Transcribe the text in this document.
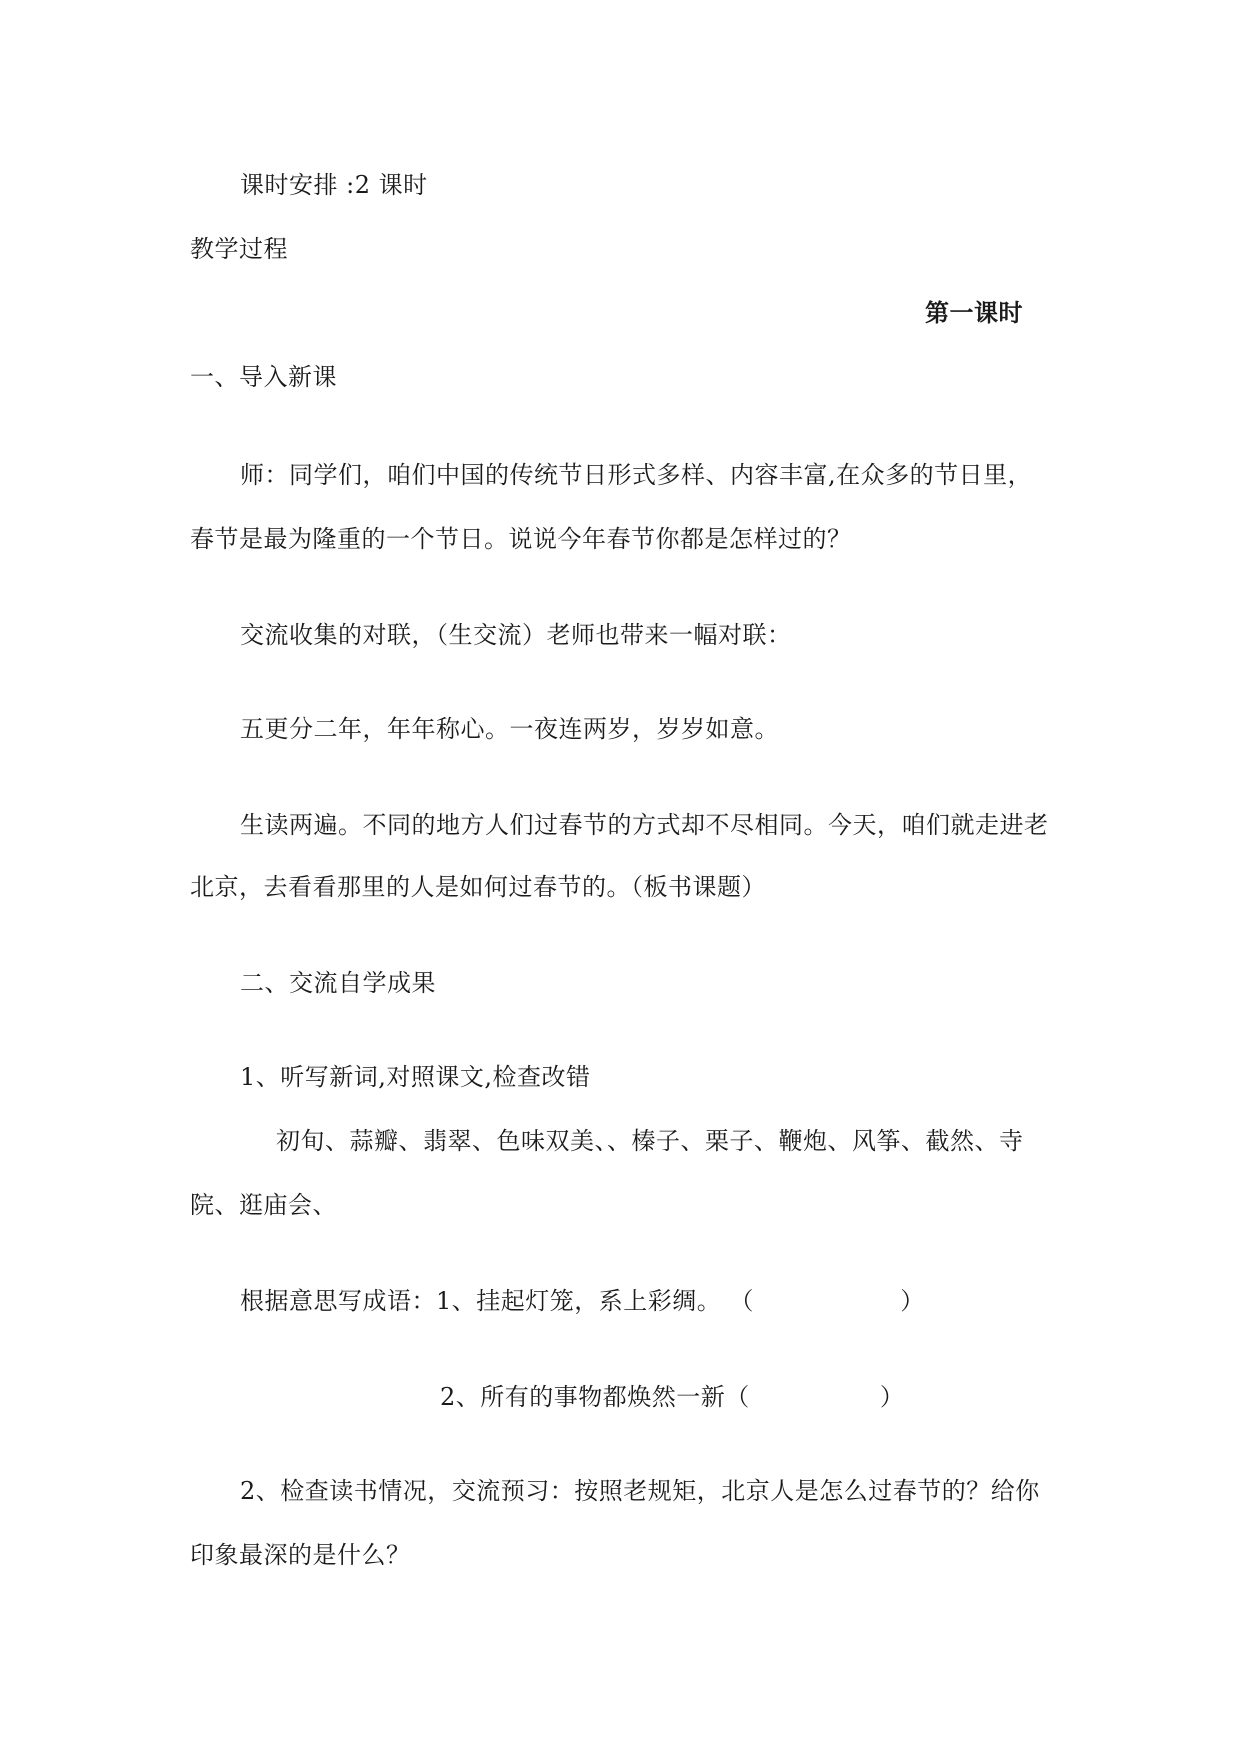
课时安排 :2 课时
教学过程
第一课时
一、导入新课
师：同学们，咱们中国的传统节日形式多样、内容丰富,在众多的节日里，
春节是最为隆重的一个节日。说说今年春节你都是怎样过的？
交流收集的对联，（生交流）老师也带来一幅对联：
五更分二年，年年称心。一夜连两岁，岁岁如意。
生读两遍。不同的地方人们过春节的方式却不尽相同。今天，咱们就走进老
北京，去看看那里的人是如何过春节的。（板书课题）
二、交流自学成果
1、听写新词,对照课文,检查改错
初旬、蒜瓣、翡翠、色味双美、、榛子、栗子、鞭炮、风筝、截然、寺
院、逛庙会、
根据意思写成语：1、挂起灯笼，系上彩绸。 （                  ）
2、所有的事物都焕然一新（                ）
2、检查读书情况，交流预习：按照老规矩，北京人是怎么过春节的？给你
印象最深的是什么？
